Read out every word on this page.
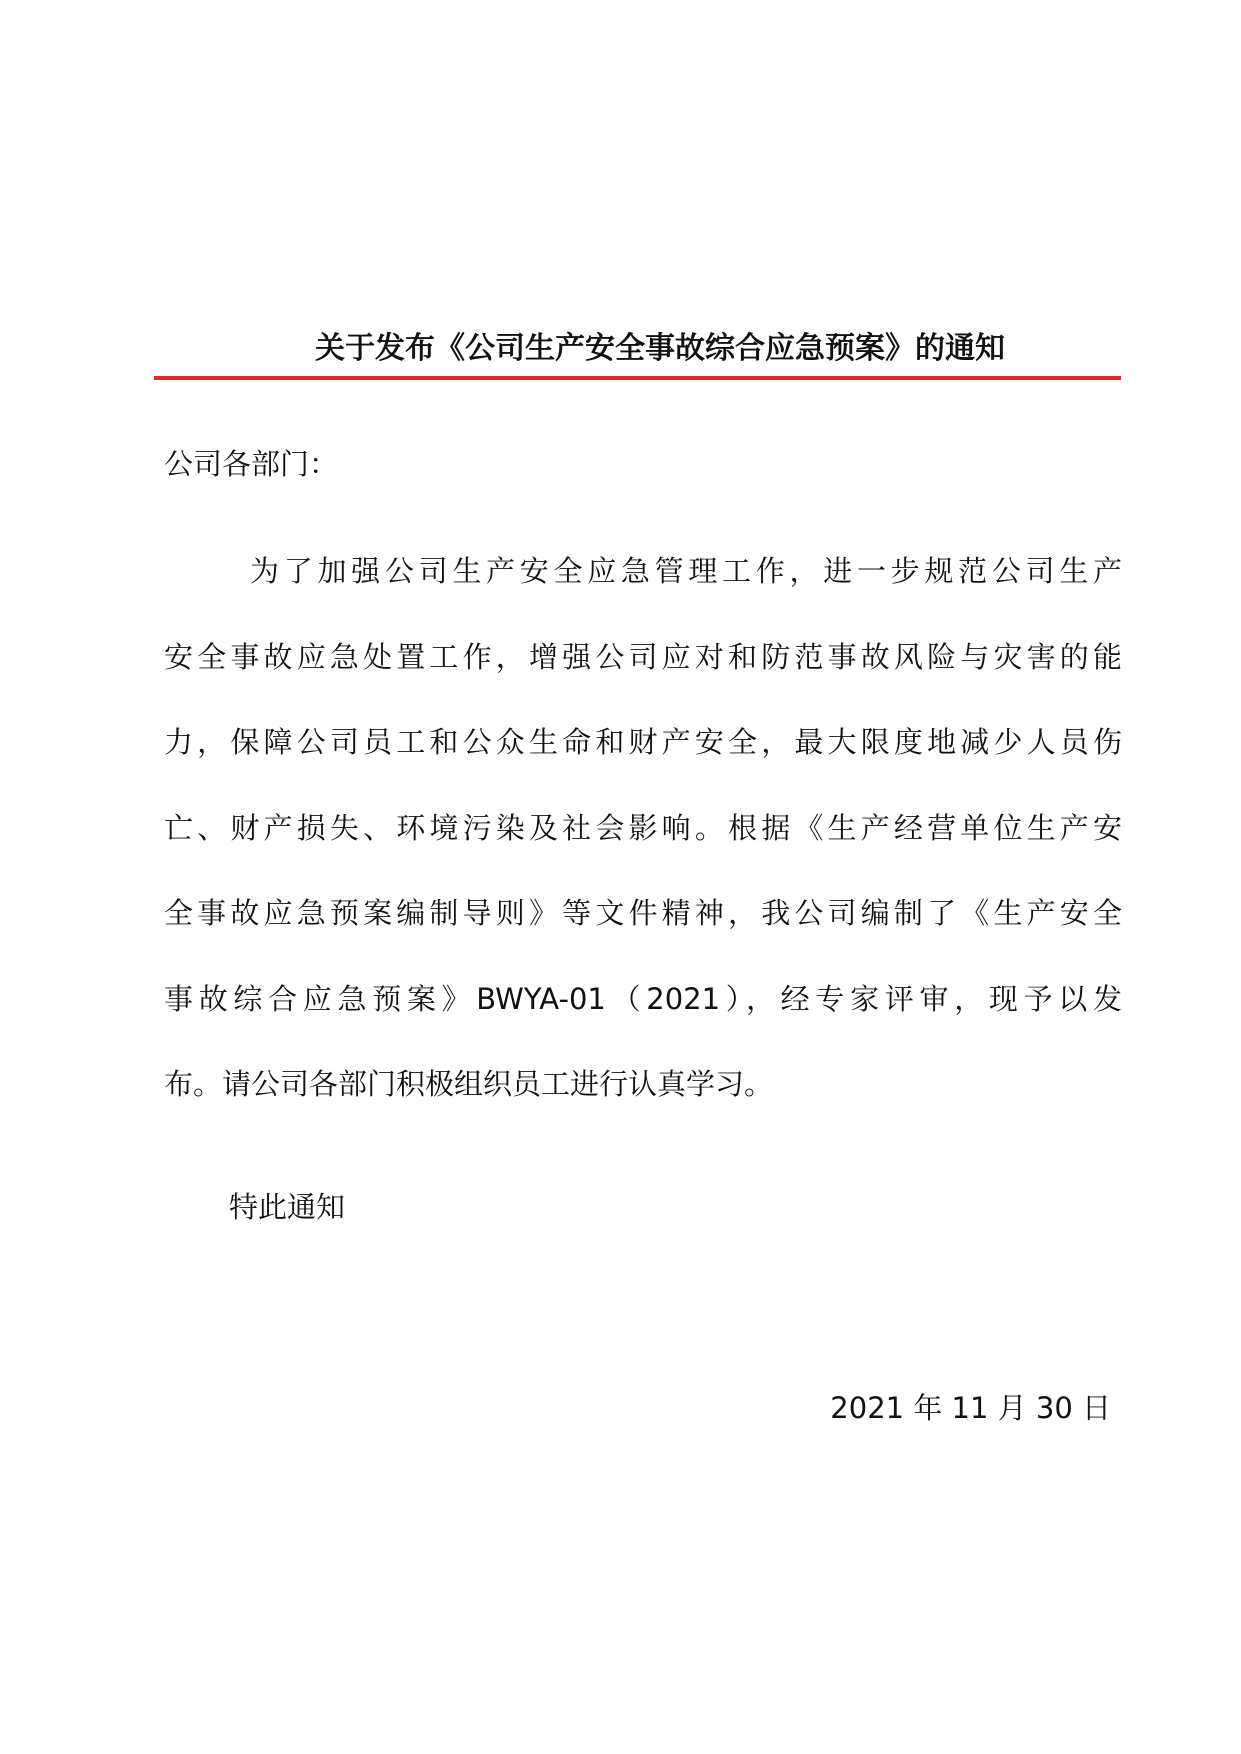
关于发布《公司生产安全事故综合应急预案》的通知
公司各部门：
为了加强公司生产安全应急管理工作，进一步规范公司生产
安全事故应急处置工作，增强公司应对和防范事故风险与灾害的能
力，保障公司员工和公众生命和财产安全，最大限度地减少人员伤
亡、财产损失、环境污染及社会影响。根据《生产经营单位生产安
全事故应急预案编制导则》等文件精神，我公司编制了《生产安全
事故综合应急预案》BWYA-01（2021），经专家评审，现予以发
布。请公司各部门积极组织员工进行认真学习。
特此通知
2021 年 11 月 30 日
